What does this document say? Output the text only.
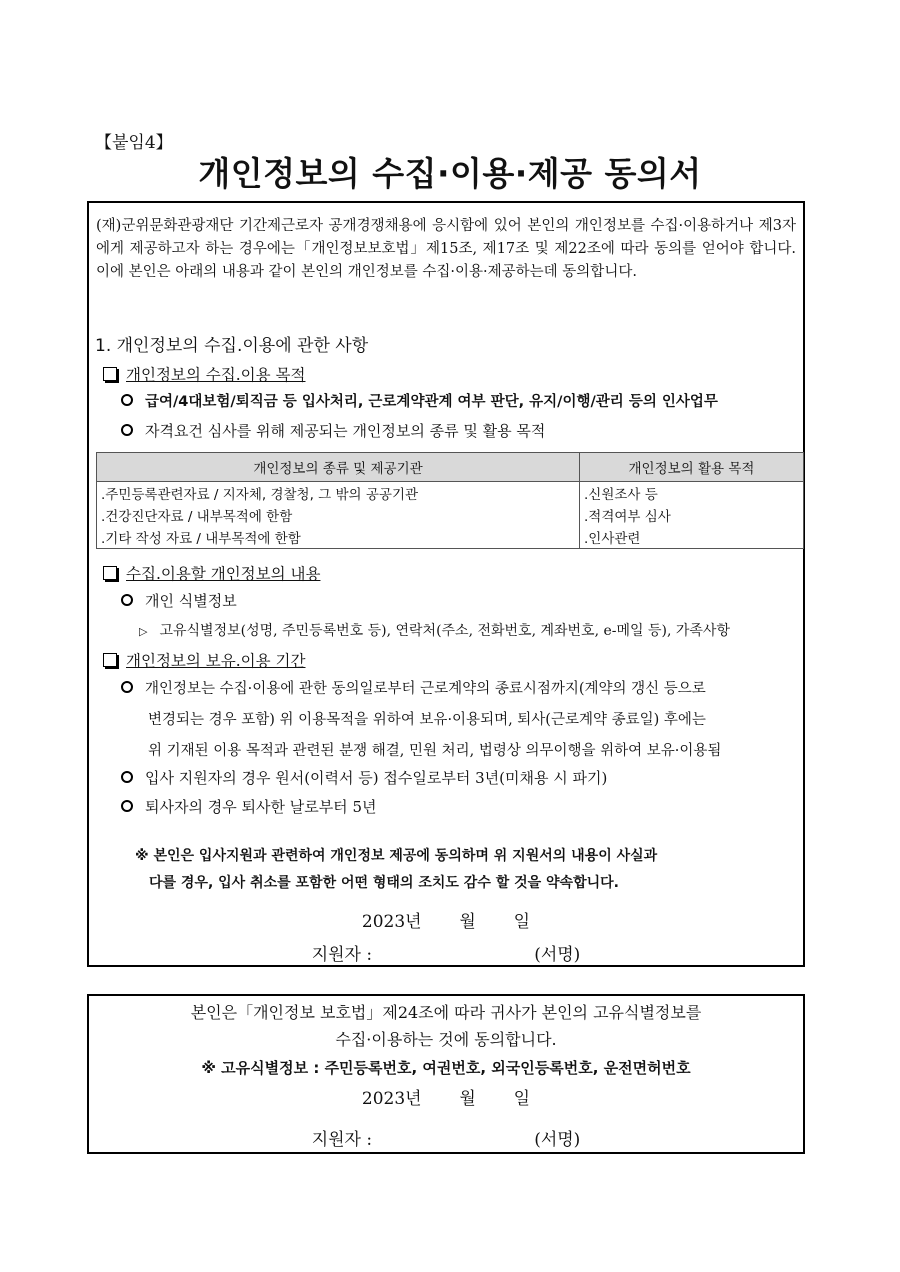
【붙임4】
개인정보의 수집·이용·제공 동의서
(재)군위문화관광재단 기간제근로자 공개경쟁채용에 응시함에 있어 본인의 개인정보를 수집·이용하거나 제3자에게 제공하고자 하는 경우에는「개인정보보호법」제15조, 제17조 및 제22조에 따라 동의를 얻어야 합니다. 이에 본인은 아래의 내용과 같이 본인의 개인정보를 수집·이용·제공하는데 동의합니다.
1. 개인정보의 수집.이용에 관한 사항
개인정보의 수집.이용 목적
급여/4대보험/퇴직금 등 입사처리, 근로계약관계 여부 판단, 유지/이행/관리 등의 인사업무
자격요건 심사를 위해 제공되는 개인정보의 종류 및 활용 목적
개인정보의 종류 및 제공기관	개인정보의 활용 목적
.주민등록관련자료 / 지자체, 경찰청, 그 밖의 공공기관	.신원조사 등
.건강진단자료 / 내부목적에 한함	.적격여부 심사
.기타 작성 자료 / 내부목적에 한함	.인사관련
수집.이용할 개인정보의 내용
개인 식별정보
▷ 고유식별정보(성명, 주민등록번호 등), 연락처(주소, 전화번호, 계좌번호, e-메일 등), 가족사항
개인정보의 보유.이용 기간
개인정보는 수집·이용에 관한 동의일로부터 근로계약의 종료시점까지(계약의 갱신 등으로
변경되는 경우 포함) 위 이용목적을 위하여 보유·이용되며, 퇴사(근로계약 종료일) 후에는
위 기재된 이용 목적과 관련된 분쟁 해결, 민원 처리, 법령상 의무이행을 위하여 보유·이용됨
입사 지원자의 경우 원서(이력서 등) 접수일로부터 3년(미채용 시 파기)
퇴사자의 경우 퇴사한 날로부터 5년
※ 본인은 입사지원과 관련하여 개인정보 제공에 동의하며 위 지원서의 내용이 사실과
다를 경우, 입사 취소를 포함한 어떤 형태의 조치도 감수 할 것을 약속합니다.
2023년       월       일
지원자 :                              (서명)
본인은「개인정보 보호법」제24조에 따라 귀사가 본인의 고유식별정보를
수집·이용하는 것에 동의합니다.
※ 고유식별정보 : 주민등록번호, 여권번호, 외국인등록번호, 운전면허번호
2023년       월       일
지원자 :                              (서명)
